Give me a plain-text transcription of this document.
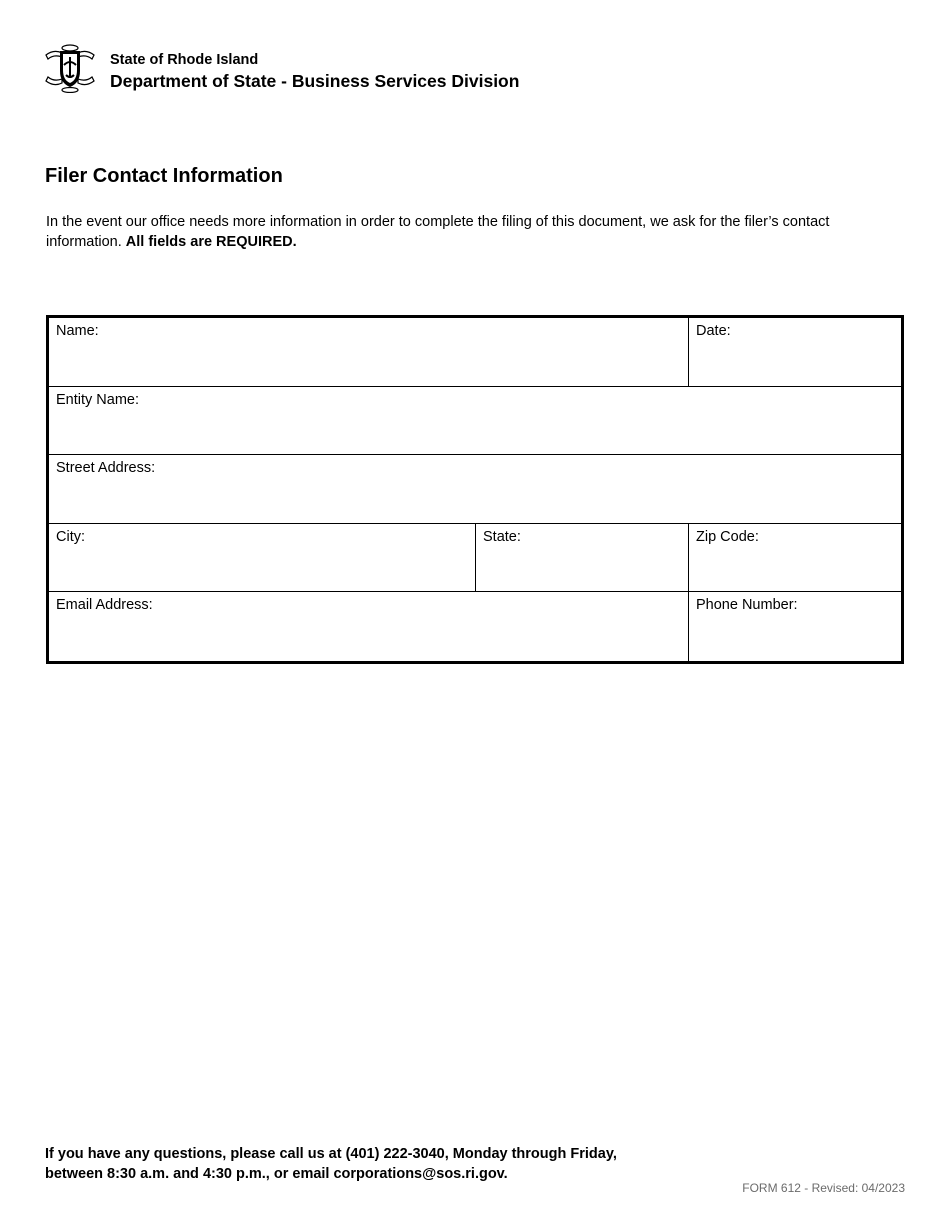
State of Rhode Island
Department of State - Business Services Division
Filer Contact Information

In the event our office needs more information in order to complete the filing of this document, we ask for the filer’s contact information. All fields are REQUIRED.

Name:	Date:
Entity Name:
Street Address:
City:	State:	Zip Code:
Email Address:	Phone Number:

If you have any questions, please call us at (401) 222-3040, Monday through Friday,
between 8:30 a.m. and 4:30 p.m., or email corporations@sos.ri.gov.

FORM 612 - Revised: 04/2023
